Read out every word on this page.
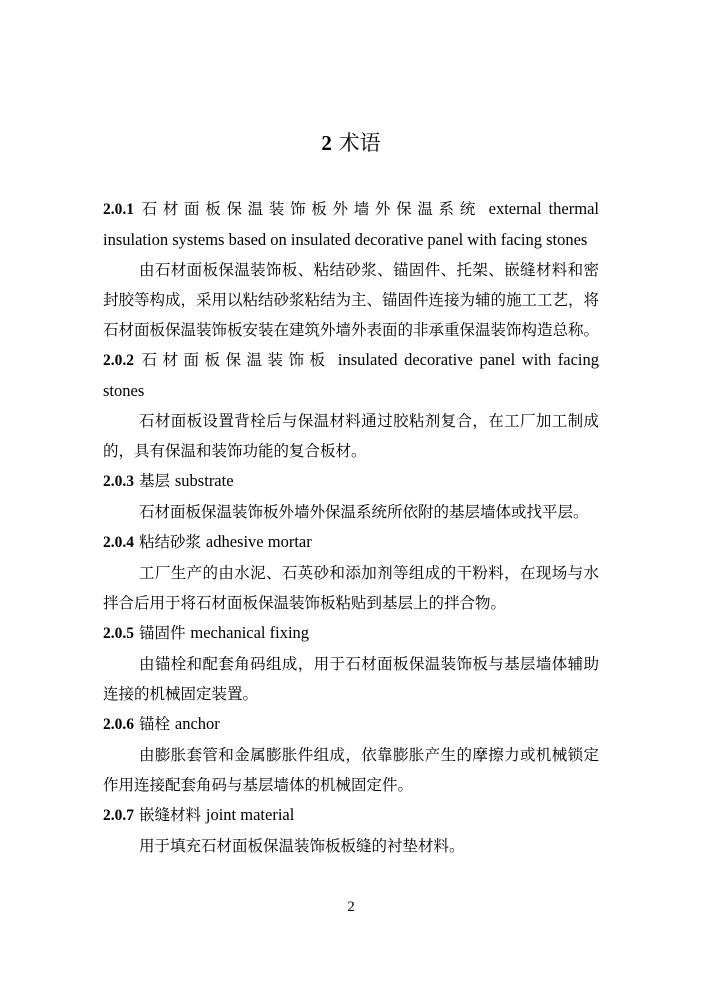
2 术语
2.0.1 石材面板保温装饰板外墙外保温系统 external thermal insulation systems based on insulated decorative panel with facing stones
由石材面板保温装饰板、粘结砂浆、锚固件、托架、嵌缝材料和密封胶等构成，采用以粘结砂浆粘结为主、锚固件连接为辅的施工工艺，将石材面板保温装饰板安装在建筑外墙外表面的非承重保温装饰构造总称。
2.0.2 石材面板保温装饰板 insulated decorative panel with facing stones
石材面板设置背栓后与保温材料通过胶粘剂复合，在工厂加工制成的，具有保温和装饰功能的复合板材。
2.0.3 基层 substrate
石材面板保温装饰板外墙外保温系统所依附的基层墙体或找平层。
2.0.4 粘结砂浆 adhesive mortar
工厂生产的由水泥、石英砂和添加剂等组成的干粉料，在现场与水拌合后用于将石材面板保温装饰板粘贴到基层上的拌合物。
2.0.5 锚固件 mechanical fixing
由锚栓和配套角码组成，用于石材面板保温装饰板与基层墙体辅助连接的机械固定装置。
2.0.6 锚栓 anchor
由膨胀套管和金属膨胀件组成，依靠膨胀产生的摩擦力或机械锁定作用连接配套角码与基层墙体的机械固定件。
2.0.7 嵌缝材料 joint material
用于填充石材面板保温装饰板板缝的衬垫材料。
2
